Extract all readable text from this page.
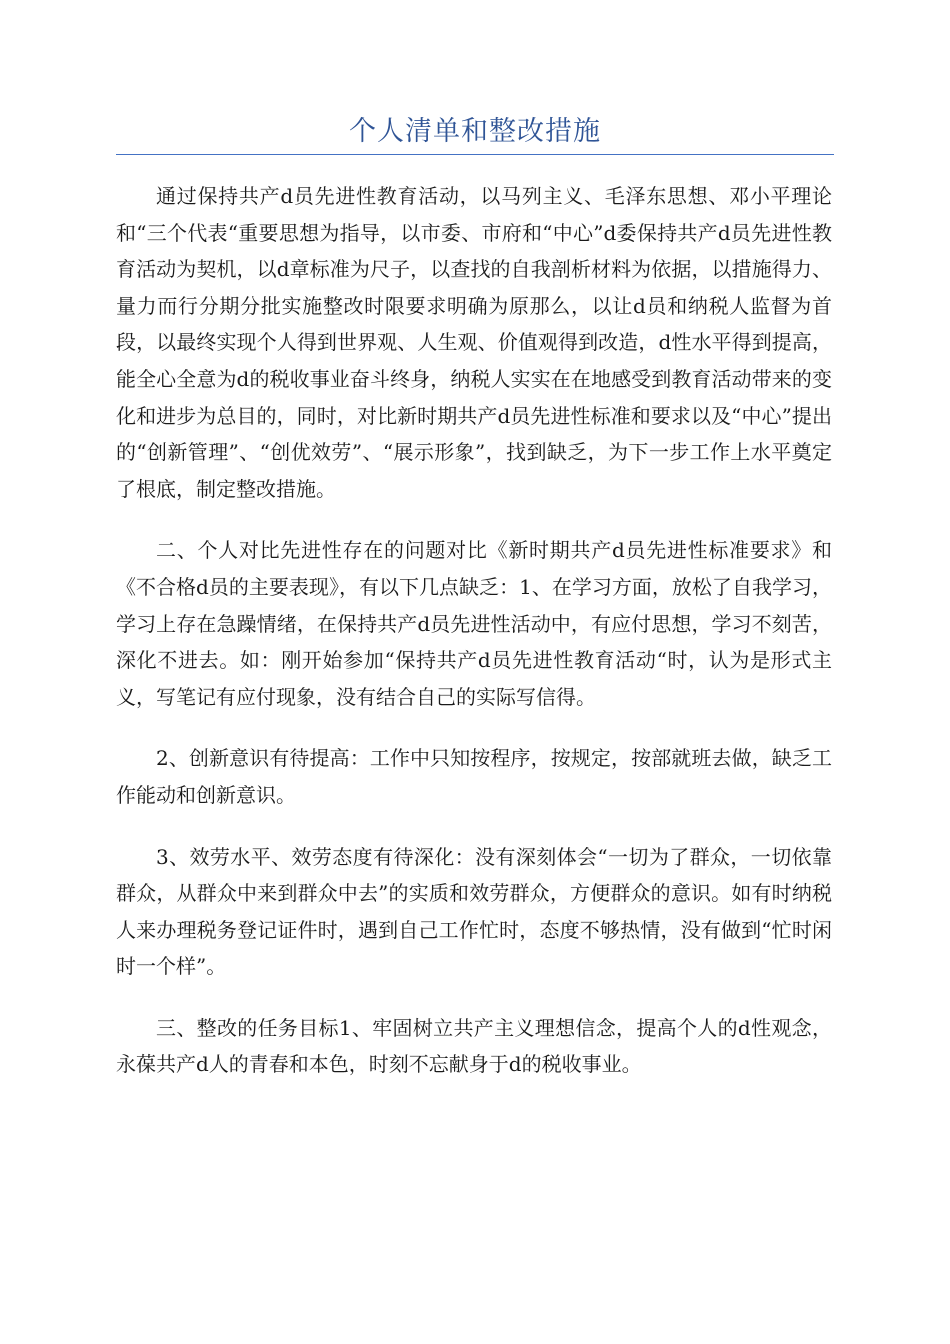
个人清单和整改措施

通过保持共产d员先进性教育活动，以马列主义、毛泽东思想、邓小平理论和“三个代表“重要思想为指导，以市委、市府和“中心”d委保持共产d员先进性教育活动为契机，以d章标准为尺子，以查找的自我剖析材料为依据，以措施得力、量力而行分期分批实施整改时限要求明确为原那么，以让d员和纳税人监督为首段，以最终实现个人得到世界观、人生观、价值观得到改造，d性水平得到提高，能全心全意为d的税收事业奋斗终身，纳税人实实在在地感受到教育活动带来的变化和进步为总目的，同时，对比新时期共产d员先进性标准和要求以及“中心”提出的“创新管理”、“创优效劳”、“展示形象”，找到缺乏，为下一步工作上水平奠定了根底，制定整改措施。

二、个人对比先进性存在的问题对比《新时期共产d员先进性标准要求》和《不合格d员的主要表现》，有以下几点缺乏：1、在学习方面，放松了自我学习，学习上存在急躁情绪，在保持共产d员先进性活动中，有应付思想，学习不刻苦，深化不进去。如：刚开始参加“保持共产d员先进性教育活动“时，认为是形式主义，写笔记有应付现象，没有结合自己的实际写信得。

2、创新意识有待提高：工作中只知按程序，按规定，按部就班去做，缺乏工作能动和创新意识。

3、效劳水平、效劳态度有待深化：没有深刻体会“一切为了群众，一切依靠群众，从群众中来到群众中去”的实质和效劳群众，方便群众的意识。如有时纳税人来办理税务登记证件时，遇到自己工作忙时，态度不够热情，没有做到“忙时闲时一个样”。

三、整改的任务目标1、牢固树立共产主义理想信念，提高个人的d性观念，永葆共产d人的青春和本色，时刻不忘献身于d的税收事业。
